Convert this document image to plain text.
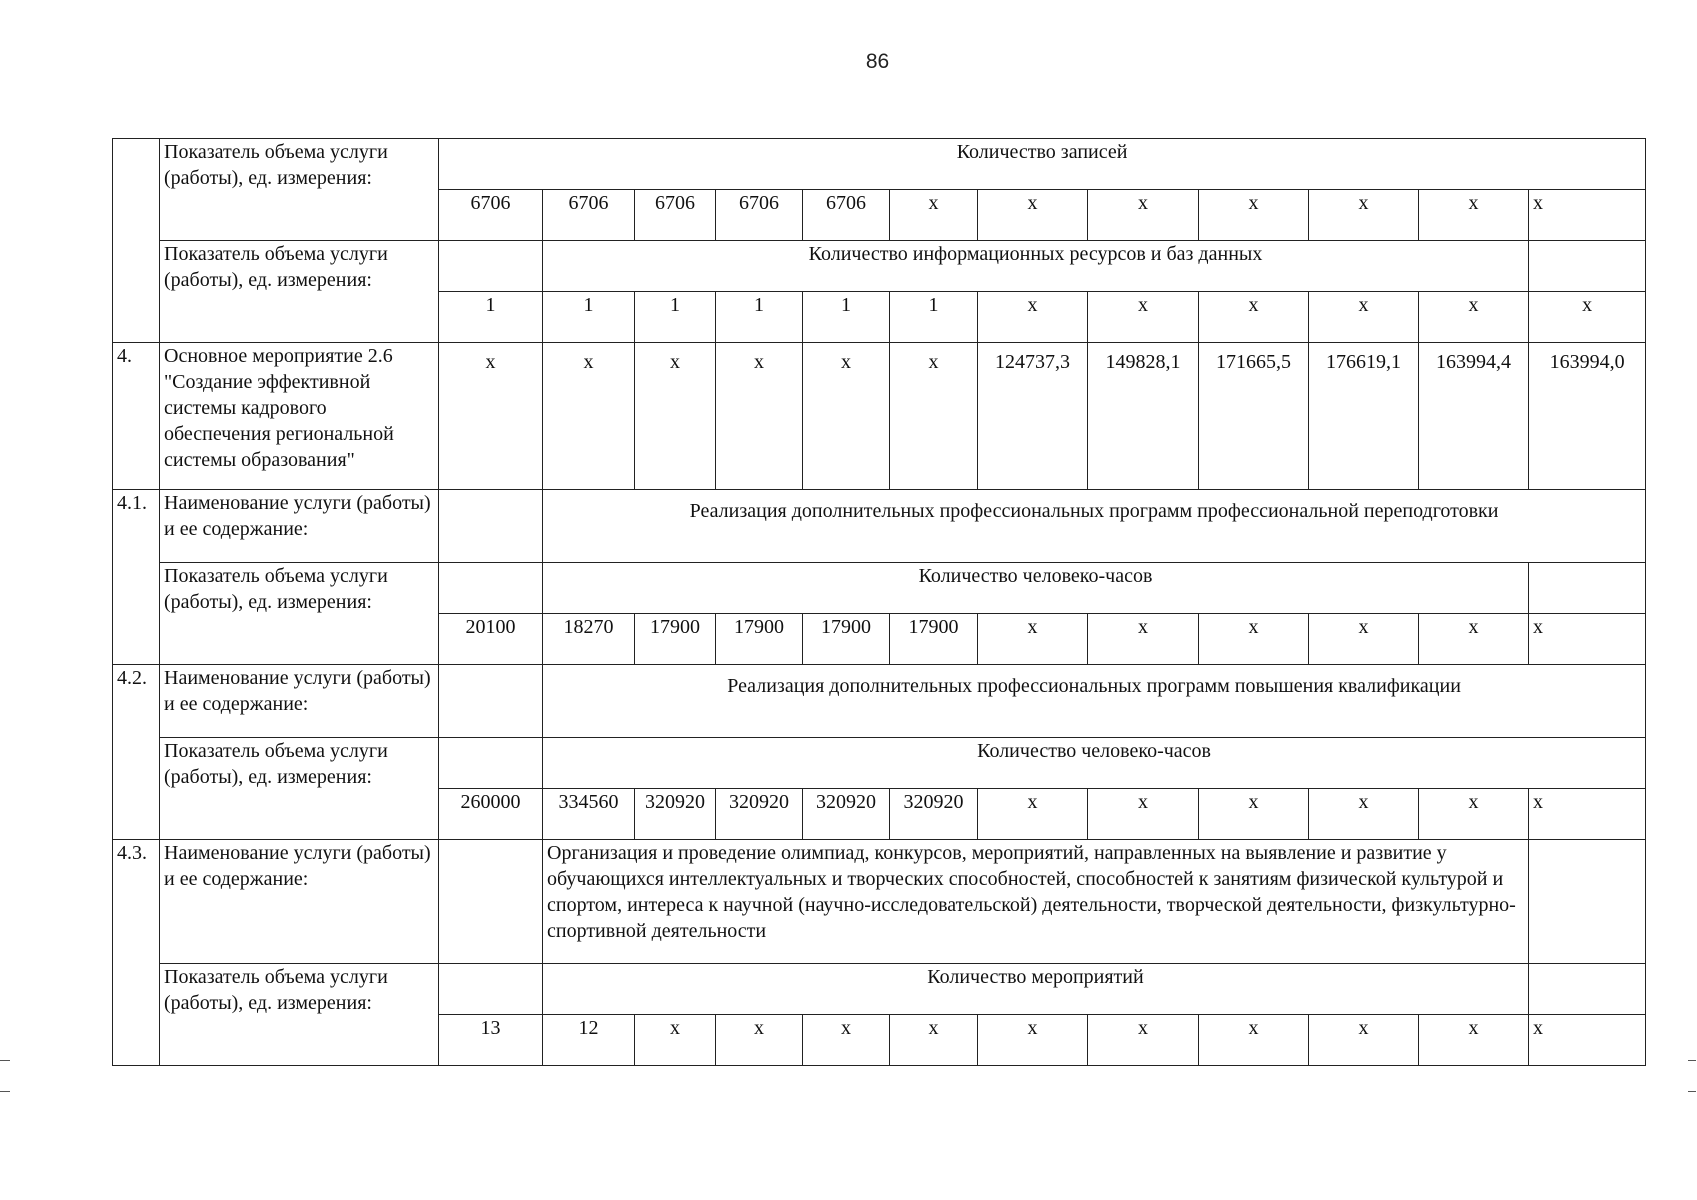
86
	Показатель объема услуги (работы), ед. измерения:	Количество записей											
		6706	6706	6706	6706	6706	x	x	x	x	x	x	x
	Показатель объема услуги (работы), ед. измерения:		Количество информационных ресурсов и баз данных										
		1	1	1	1	1	1	x	x	x	x	x	x
4.	Основное мероприятие 2.6 "Создание эффективной системы кадрового обеспечения региональной системы образования"	x	x	x	x	x	x	124737,3	149828,1	171665,5	176619,1	163994,4	163994,0
4.1.	Наименование услуги (работы) и ее содержание:		Реализация дополнительных профессиональных программ профессиональной переподготовки										
	Показатель объема услуги (работы), ед. измерения:		Количество человеко-часов										
		20100	18270	17900	17900	17900	17900	x	x	x	x	x	x
4.2.	Наименование услуги (работы) и ее содержание:		Реализация дополнительных профессиональных программ повышения квалификации										
	Показатель объема услуги (работы), ед. измерения:		Количество человеко-часов										
		260000	334560	320920	320920	320920	320920	x	x	x	x	x	x
4.3.	Наименование услуги (работы) и ее содержание:		Организация и проведение олимпиад, конкурсов, мероприятий, направленных на выявление и развитие у обучающихся интеллектуальных и творческих способностей, способностей к занятиям физической культурой и спортом, интереса к научной (научно-исследовательской) деятельности, творческой деятельности, физкультурно-спортивной деятельности										
	Показатель объема услуги (работы), ед. измерения:		Количество мероприятий										
		13	12	x	x	x	x	x	x	x	x	x	x
